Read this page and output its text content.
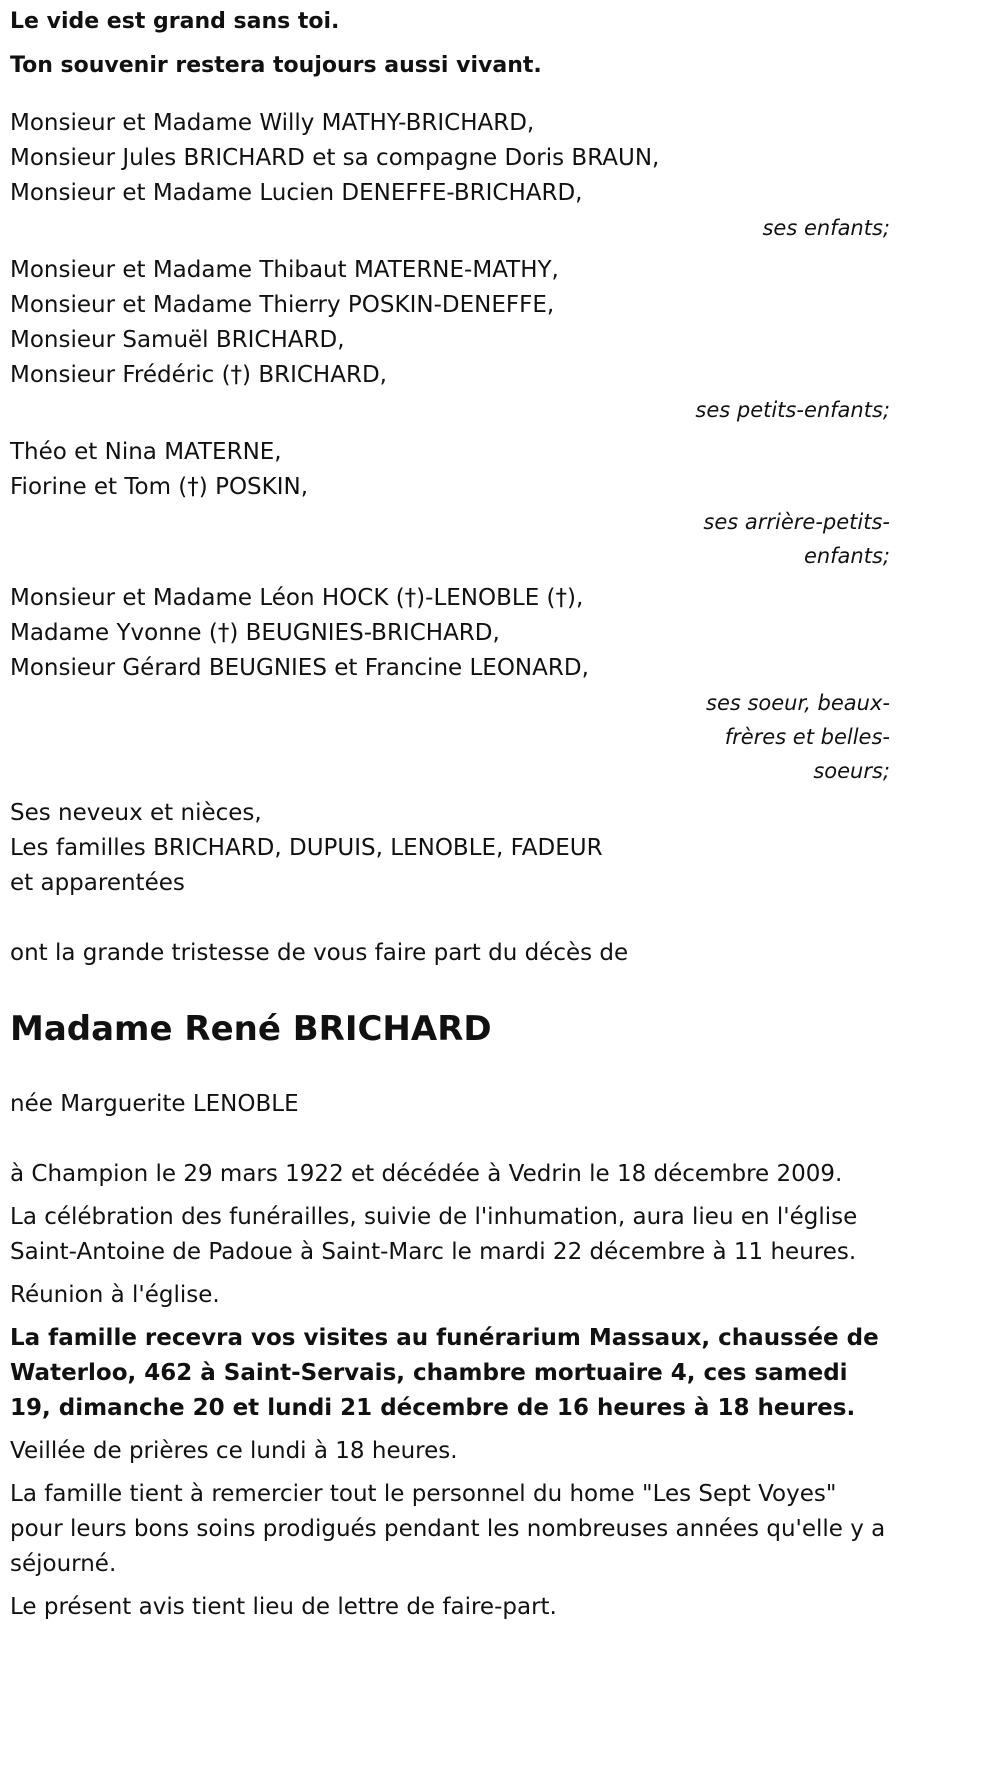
Le vide est grand sans toi.

Ton souvenir restera toujours aussi vivant.

Monsieur et Madame Willy MATHY-BRICHARD,
Monsieur Jules BRICHARD et sa compagne Doris BRAUN,
Monsieur et Madame Lucien DENEFFE-BRICHARD,
ses enfants;
Monsieur et Madame Thibaut MATERNE-MATHY,
Monsieur et Madame Thierry POSKIN-DENEFFE,
Monsieur Samuël BRICHARD,
Monsieur Frédéric (†) BRICHARD,
ses petits-enfants;
Théo et Nina MATERNE,
Fiorine et Tom (†) POSKIN,
ses arrière-petits-enfants;
Monsieur et Madame Léon HOCK (†)-LENOBLE (†),
Madame Yvonne (†) BEUGNIES-BRICHARD,
Monsieur Gérard BEUGNIES et Francine LEONARD,
ses soeur, beaux-frères et belles-soeurs;
Ses neveux et nièces,
Les familles BRICHARD, DUPUIS, LENOBLE, FADEUR
et apparentées

ont la grande tristesse de vous faire part du décès de

Madame René BRICHARD

née Marguerite LENOBLE

à Champion le 29 mars 1922 et décédée à Vedrin le 18 décembre 2009.

La célébration des funérailles, suivie de l'inhumation, aura lieu en l'église Saint-Antoine de Padoue à Saint-Marc le mardi 22 décembre à 11 heures.

Réunion à l'église.

La famille recevra vos visites au funérarium Massaux, chaussée de Waterloo, 462 à Saint-Servais, chambre mortuaire 4, ces samedi 19, dimanche 20 et lundi 21 décembre de 16 heures à 18 heures.

Veillée de prières ce lundi à 18 heures.

La famille tient à remercier tout le personnel du home "Les Sept Voyes" pour leurs bons soins prodigués pendant les nombreuses années qu'elle y a séjourné.

Le présent avis tient lieu de lettre de faire-part.
